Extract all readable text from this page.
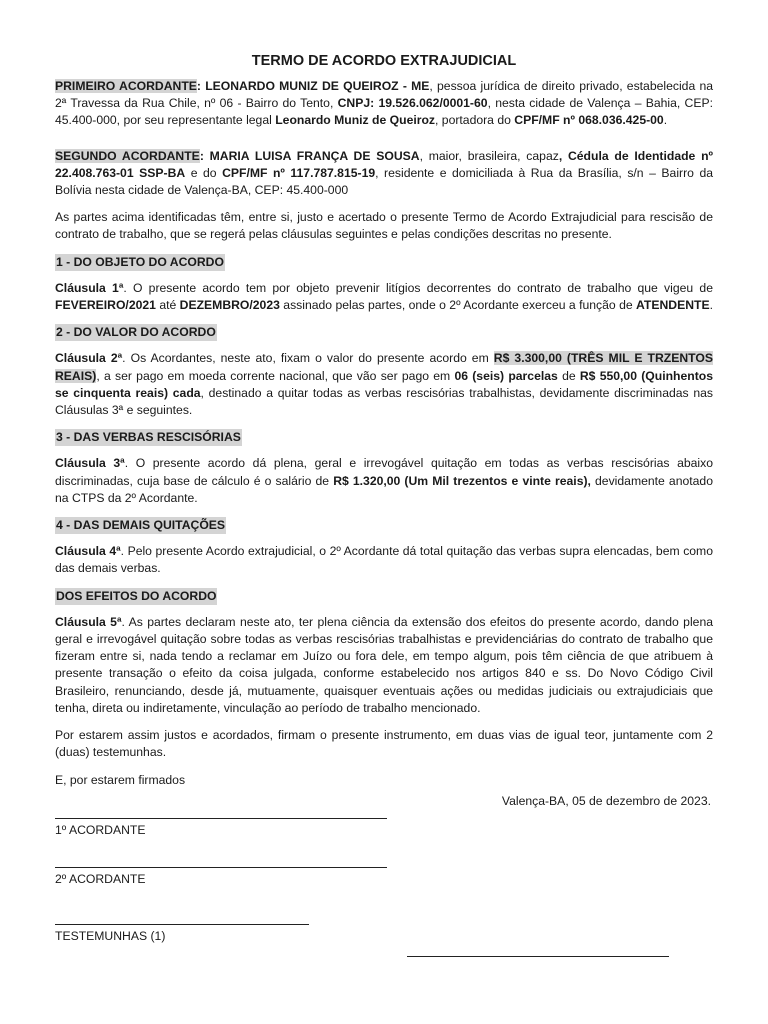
TERMO DE ACORDO EXTRAJUDICIAL

PRIMEIRO ACORDANTE: LEONARDO MUNIZ DE QUEIROZ - ME, pessoa jurídica de direito privado, estabelecida na 2ª Travessa da Rua Chile, nº 06 - Bairro do Tento, CNPJ: 19.526.062/0001-60, nesta cidade de Valença – Bahia, CEP: 45.400-000, por seu representante legal Leonardo Muniz de Queiroz, portadora do CPF/MF nº 068.036.425-00.

SEGUNDO ACORDANTE: MARIA LUISA FRANÇA DE SOUSA, maior, brasileira, capaz, Cédula de Identidade nº 22.408.763-01 SSP-BA e do CPF/MF nº 117.787.815-19, residente e domiciliada à Rua da Brasília, s/n – Bairro da Bolívia nesta cidade de Valença-BA, CEP: 45.400-000

As partes acima identificadas têm, entre si, justo e acertado o presente Termo de Acordo Extrajudicial para rescisão de contrato de trabalho, que se regerá pelas cláusulas seguintes e pelas condições descritas no presente.

1 - DO OBJETO DO ACORDO

Cláusula 1ª. O presente acordo tem por objeto prevenir litígios decorrentes do contrato de trabalho que vigeu de FEVEREIRO/2021 até DEZEMBRO/2023 assinado pelas partes, onde o 2º Acordante exerceu a função de ATENDENTE.

2 - DO VALOR DO ACORDO

Cláusula 2ª. Os Acordantes, neste ato, fixam o valor do presente acordo em R$ 3.300,00 (TRÊS MIL E TRZENTOS REAIS), a ser pago em moeda corrente nacional, que vão ser pago em 06 (seis) parcelas de R$ 550,00 (Quinhentos se cinquenta reais) cada, destinado a quitar todas as verbas rescisórias trabalhistas, devidamente discriminadas nas Cláusulas 3ª e seguintes.

3 - DAS VERBAS RESCISÓRIAS

Cláusula 3ª. O presente acordo dá plena, geral e irrevogável quitação em todas as verbas rescisórias abaixo discriminadas, cuja base de cálculo é o salário de R$ 1.320,00 (Um Mil trezentos e vinte reais), devidamente anotado na CTPS da 2º Acordante.

4 - DAS DEMAIS QUITAÇÕES

Cláusula 4ª. Pelo presente Acordo extrajudicial, o 2º Acordante dá total quitação das verbas supra elencadas, bem como das demais verbas.

DOS EFEITOS DO ACORDO

Cláusula 5ª. As partes declaram neste ato, ter plena ciência da extensão dos efeitos do presente acordo, dando plena geral e irrevogável quitação sobre todas as verbas rescisórias trabalhistas e previdenciárias do contrato de trabalho que fizeram entre si, nada tendo a reclamar em Juízo ou fora dele, em tempo algum, pois têm ciência de que atribuem à presente transação o efeito da coisa julgada, conforme estabelecido nos artigos 840 e ss. Do Novo Código Civil Brasileiro, renunciando, desde já, mutuamente, quaisquer eventuais ações ou medidas judiciais ou extrajudiciais que tenha, direta ou indiretamente, vinculação ao período de trabalho mencionado.

Por estarem assim justos e acordados, firmam o presente instrumento, em duas vias de igual teor, juntamente com 2 (duas) testemunhas.

E, por estarem firmados

Valença-BA, 05 de dezembro de 2023.
1º ACORDANTE
2º ACORDANTE
TESTEMUNHAS (1)
